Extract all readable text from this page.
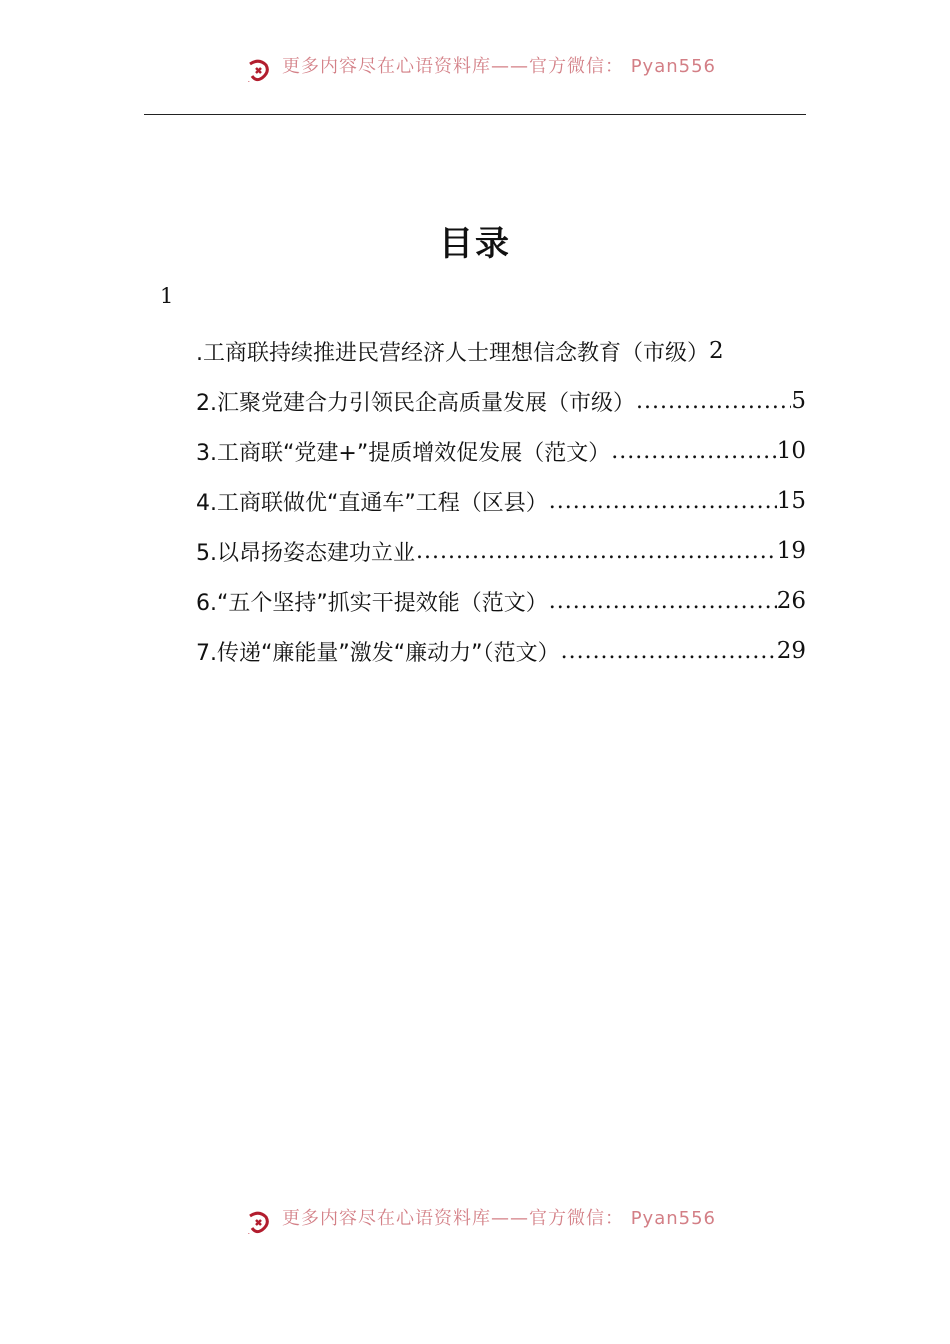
更多内容尽在心语资料库——官方微信： Pyan556
目录
1
.工商联持续推进民营经济人士理想信念教育（市级） 2
2.汇聚党建合力引领民企高质量发展（市级） .....	5
3.工商联“党建+”提质增效促发展（范文） .....	10
4.工商联做优“直通车”工程（区县） .....	15
5.以昂扬姿态建功立业 .....	19
6.“五个坚持”抓实干提效能（范文） .....	26
7.传递“廉能量”激发“廉动力”（范文） .....	29
更多内容尽在心语资料库——官方微信： Pyan556
